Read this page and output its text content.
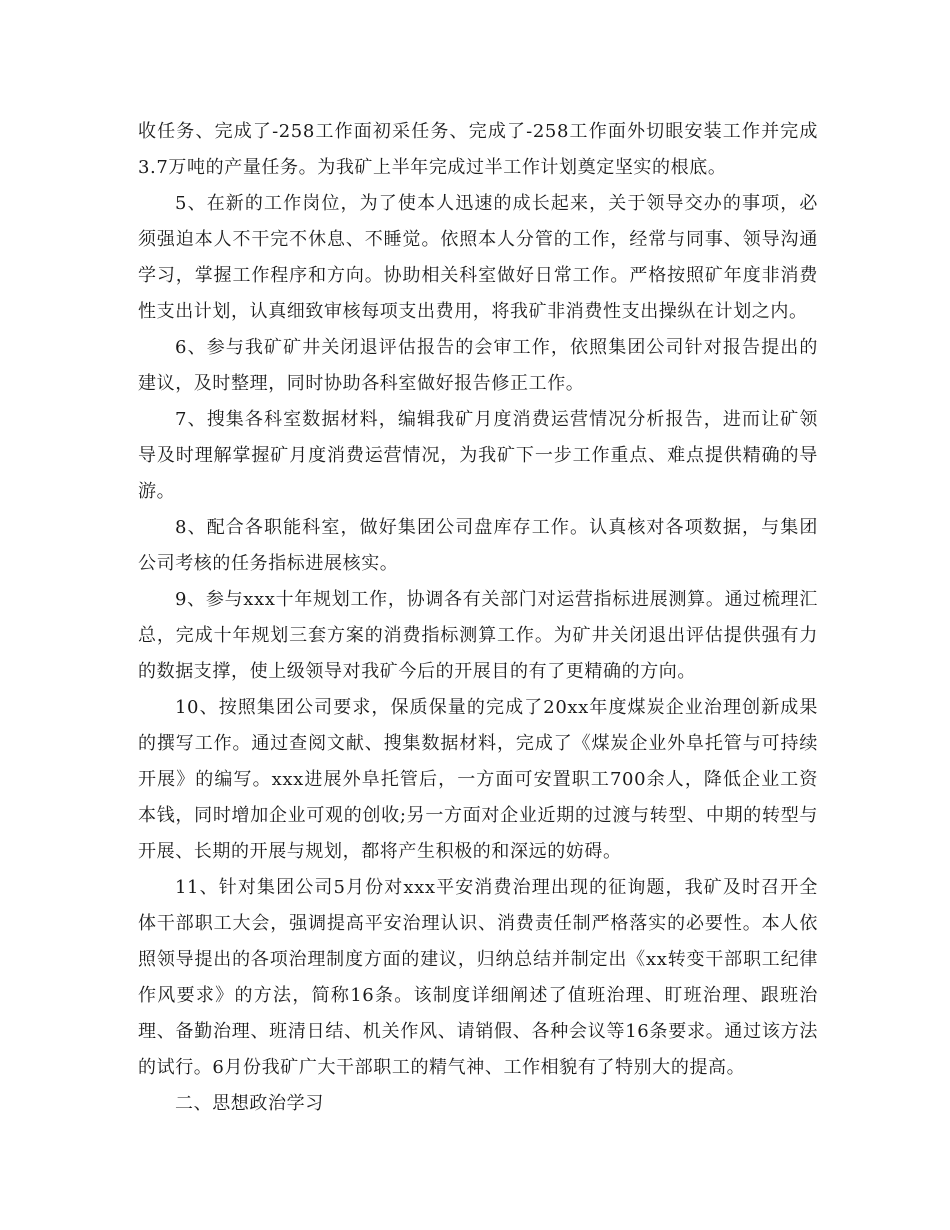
收任务、完成了-258工作面初采任务、完成了-258工作面外切眼安装工作并完成3.7万吨的产量任务。为我矿上半年完成过半工作计划奠定坚实的根底。

5、在新的工作岗位，为了使本人迅速的成长起来，关于领导交办的事项，必须强迫本人不干完不休息、不睡觉。依照本人分管的工作，经常与同事、领导沟通学习，掌握工作程序和方向。协助相关科室做好日常工作。严格按照矿年度非消费性支出计划，认真细致审核每项支出费用，将我矿非消费性支出操纵在计划之内。

6、参与我矿矿井关闭退评估报告的会审工作，依照集团公司针对报告提出的建议，及时整理，同时协助各科室做好报告修正工作。

7、搜集各科室数据材料，编辑我矿月度消费运营情况分析报告，进而让矿领导及时理解掌握矿月度消费运营情况，为我矿下一步工作重点、难点提供精确的导游。

8、配合各职能科室，做好集团公司盘库存工作。认真核对各项数据，与集团公司考核的任务指标进展核实。

9、参与xxx十年规划工作，协调各有关部门对运营指标进展测算。通过梳理汇总，完成十年规划三套方案的消费指标测算工作。为矿井关闭退出评估提供强有力的数据支撑，使上级领导对我矿今后的开展目的有了更精确的方向。

10、按照集团公司要求，保质保量的完成了20xx年度煤炭企业治理创新成果的撰写工作。通过查阅文献、搜集数据材料，完成了《煤炭企业外阜托管与可持续开展》的编写。xxx进展外阜托管后，一方面可安置职工700余人，降低企业工资本钱，同时增加企业可观的创收;另一方面对企业近期的过渡与转型、中期的转型与开展、长期的开展与规划，都将产生积极的和深远的妨碍。

11、针对集团公司5月份对xxx平安消费治理出现的征询题，我矿及时召开全体干部职工大会，强调提高平安治理认识、消费责任制严格落实的必要性。本人依照领导提出的各项治理制度方面的建议，归纳总结并制定出《xx转变干部职工纪律作风要求》的方法，简称16条。该制度详细阐述了值班治理、盯班治理、跟班治理、备勤治理、班清日结、机关作风、请销假、各种会议等16条要求。通过该方法的试行。6月份我矿广大干部职工的精气神、工作相貌有了特别大的提高。

二、思想政治学习
